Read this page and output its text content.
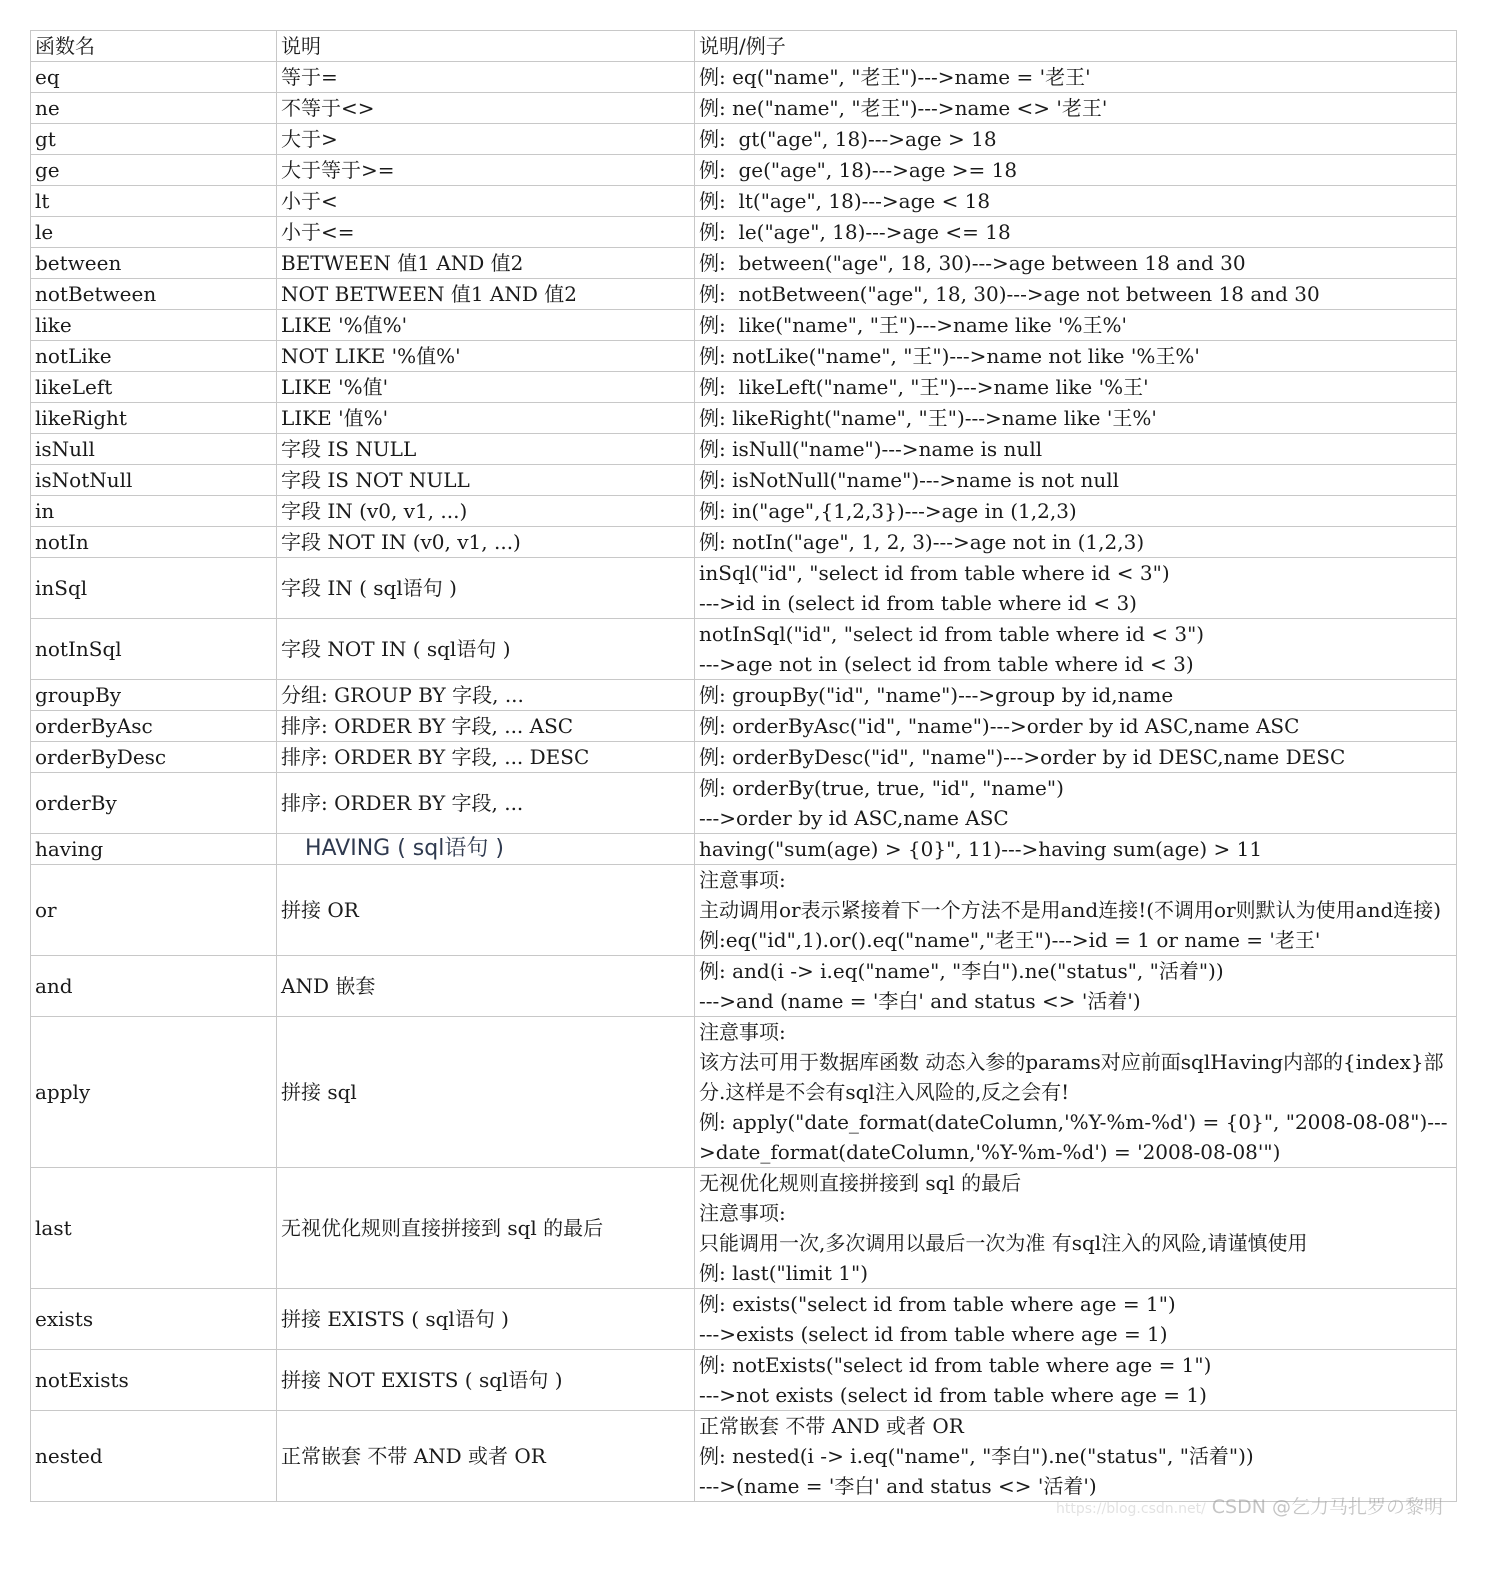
函数名	说明	说明/例子
eq	等于=	例: eq("name", "老王")--->name = '老王'

ne	不等于<>	例: ne("name", "老王")--->name <> '老王'

gt	大于>	例:  gt("age", 18)--->age > 18

ge	大于等于>=	例:  ge("age", 18)--->age >= 18

lt	小于<	例:  lt("age", 18)--->age < 18

le	小于<=	例:  le("age", 18)--->age <= 18

between	BETWEEN 值1 AND 值2	例:  between("age", 18, 30)--->age between 18 and 30

notBetween	NOT BETWEEN 值1 AND 值2	例:  notBetween("age", 18, 30)--->age not between 18 and 30

like	LIKE '%值%'	例:  like("name", "王")--->name like '%王%'

notLike	NOT LIKE '%值%'	例: notLike("name", "王")--->name not like '%王%'

likeLeft	LIKE '%值'	例:  likeLeft("name", "王")--->name like '%王'

likeRight	LIKE '值%'	例: likeRight("name", "王")--->name like '王%'

isNull	字段 IS NULL	例: isNull("name")--->name is null

isNotNull	字段 IS NOT NULL	例: isNotNull("name")--->name is not null

in	字段 IN (v0, v1, ...)	例: in("age",{1,2,3})--->age in (1,2,3)

notIn	字段 NOT IN (v0, v1, ...)	例: notIn("age", 1, 2, 3)--->age not in (1,2,3)

inSql	字段 IN ( sql语句 )	inSql("id", "select id from table where id < 3")
--->id in (select id from table where id < 3)

notInSql	字段 NOT IN ( sql语句 )	notInSql("id", "select id from table where id < 3")
--->age not in (select id from table where id < 3)

groupBy	分组: GROUP BY 字段, ...	例: groupBy("id", "name")--->group by id,name

orderByAsc	排序: ORDER BY 字段, ... ASC	例: orderByAsc("id", "name")--->order by id ASC,name ASC

orderByDesc	排序: ORDER BY 字段, ... DESC	例: orderByDesc("id", "name")--->order by id DESC,name DESC

orderBy	排序: ORDER BY 字段, ...	例: orderBy(true, true, "id", "name")
--->order by id ASC,name ASC

having	HAVING ( sql语句 )	having("sum(age) > {0}", 11)--->having sum(age) > 11

or	拼接 OR	注意事项:
主动调用or表示紧接着下一个方法不是用and连接!(不调用or则默认为使用and连接)
例:eq("id",1).or().eq("name","老王")--->id = 1 or name = '老王'

and	AND 嵌套	例: and(i -> i.eq("name", "李白").ne("status", "活着"))
--->and (name = '李白' and status <> '活着')

apply	拼接 sql	注意事项:
该方法可用于数据库函数 动态入参的params对应前面sqlHaving内部的{index}部分.这样是不会有sql注入风险的,反之会有!
例: apply("date_format(dateColumn,'%Y-%m-%d') = {0}", "2008-08-08")--->date_format(dateColumn,'%Y-%m-%d') = '2008-08-08'")

last	无视优化规则直接拼接到 sql 的最后	无视优化规则直接拼接到 sql 的最后
注意事项:
只能调用一次,多次调用以最后一次为准 有sql注入的风险,请谨慎使用
例: last("limit 1")

exists	拼接 EXISTS ( sql语句 )	例: exists("select id from table where age = 1")
--->exists (select id from table where age = 1)

notExists	拼接 NOT EXISTS ( sql语句 )	例: notExists("select id from table where age = 1")
--->not exists (select id from table where age = 1)

nested	正常嵌套 不带 AND 或者 OR	正常嵌套 不带 AND 或者 OR
例: nested(i -> i.eq("name", "李白").ne("status", "活着"))
--->(name = '李白' and status <> '活着')
https://blog.csdn.net/ CSDN @乞力马扎罗の黎明
